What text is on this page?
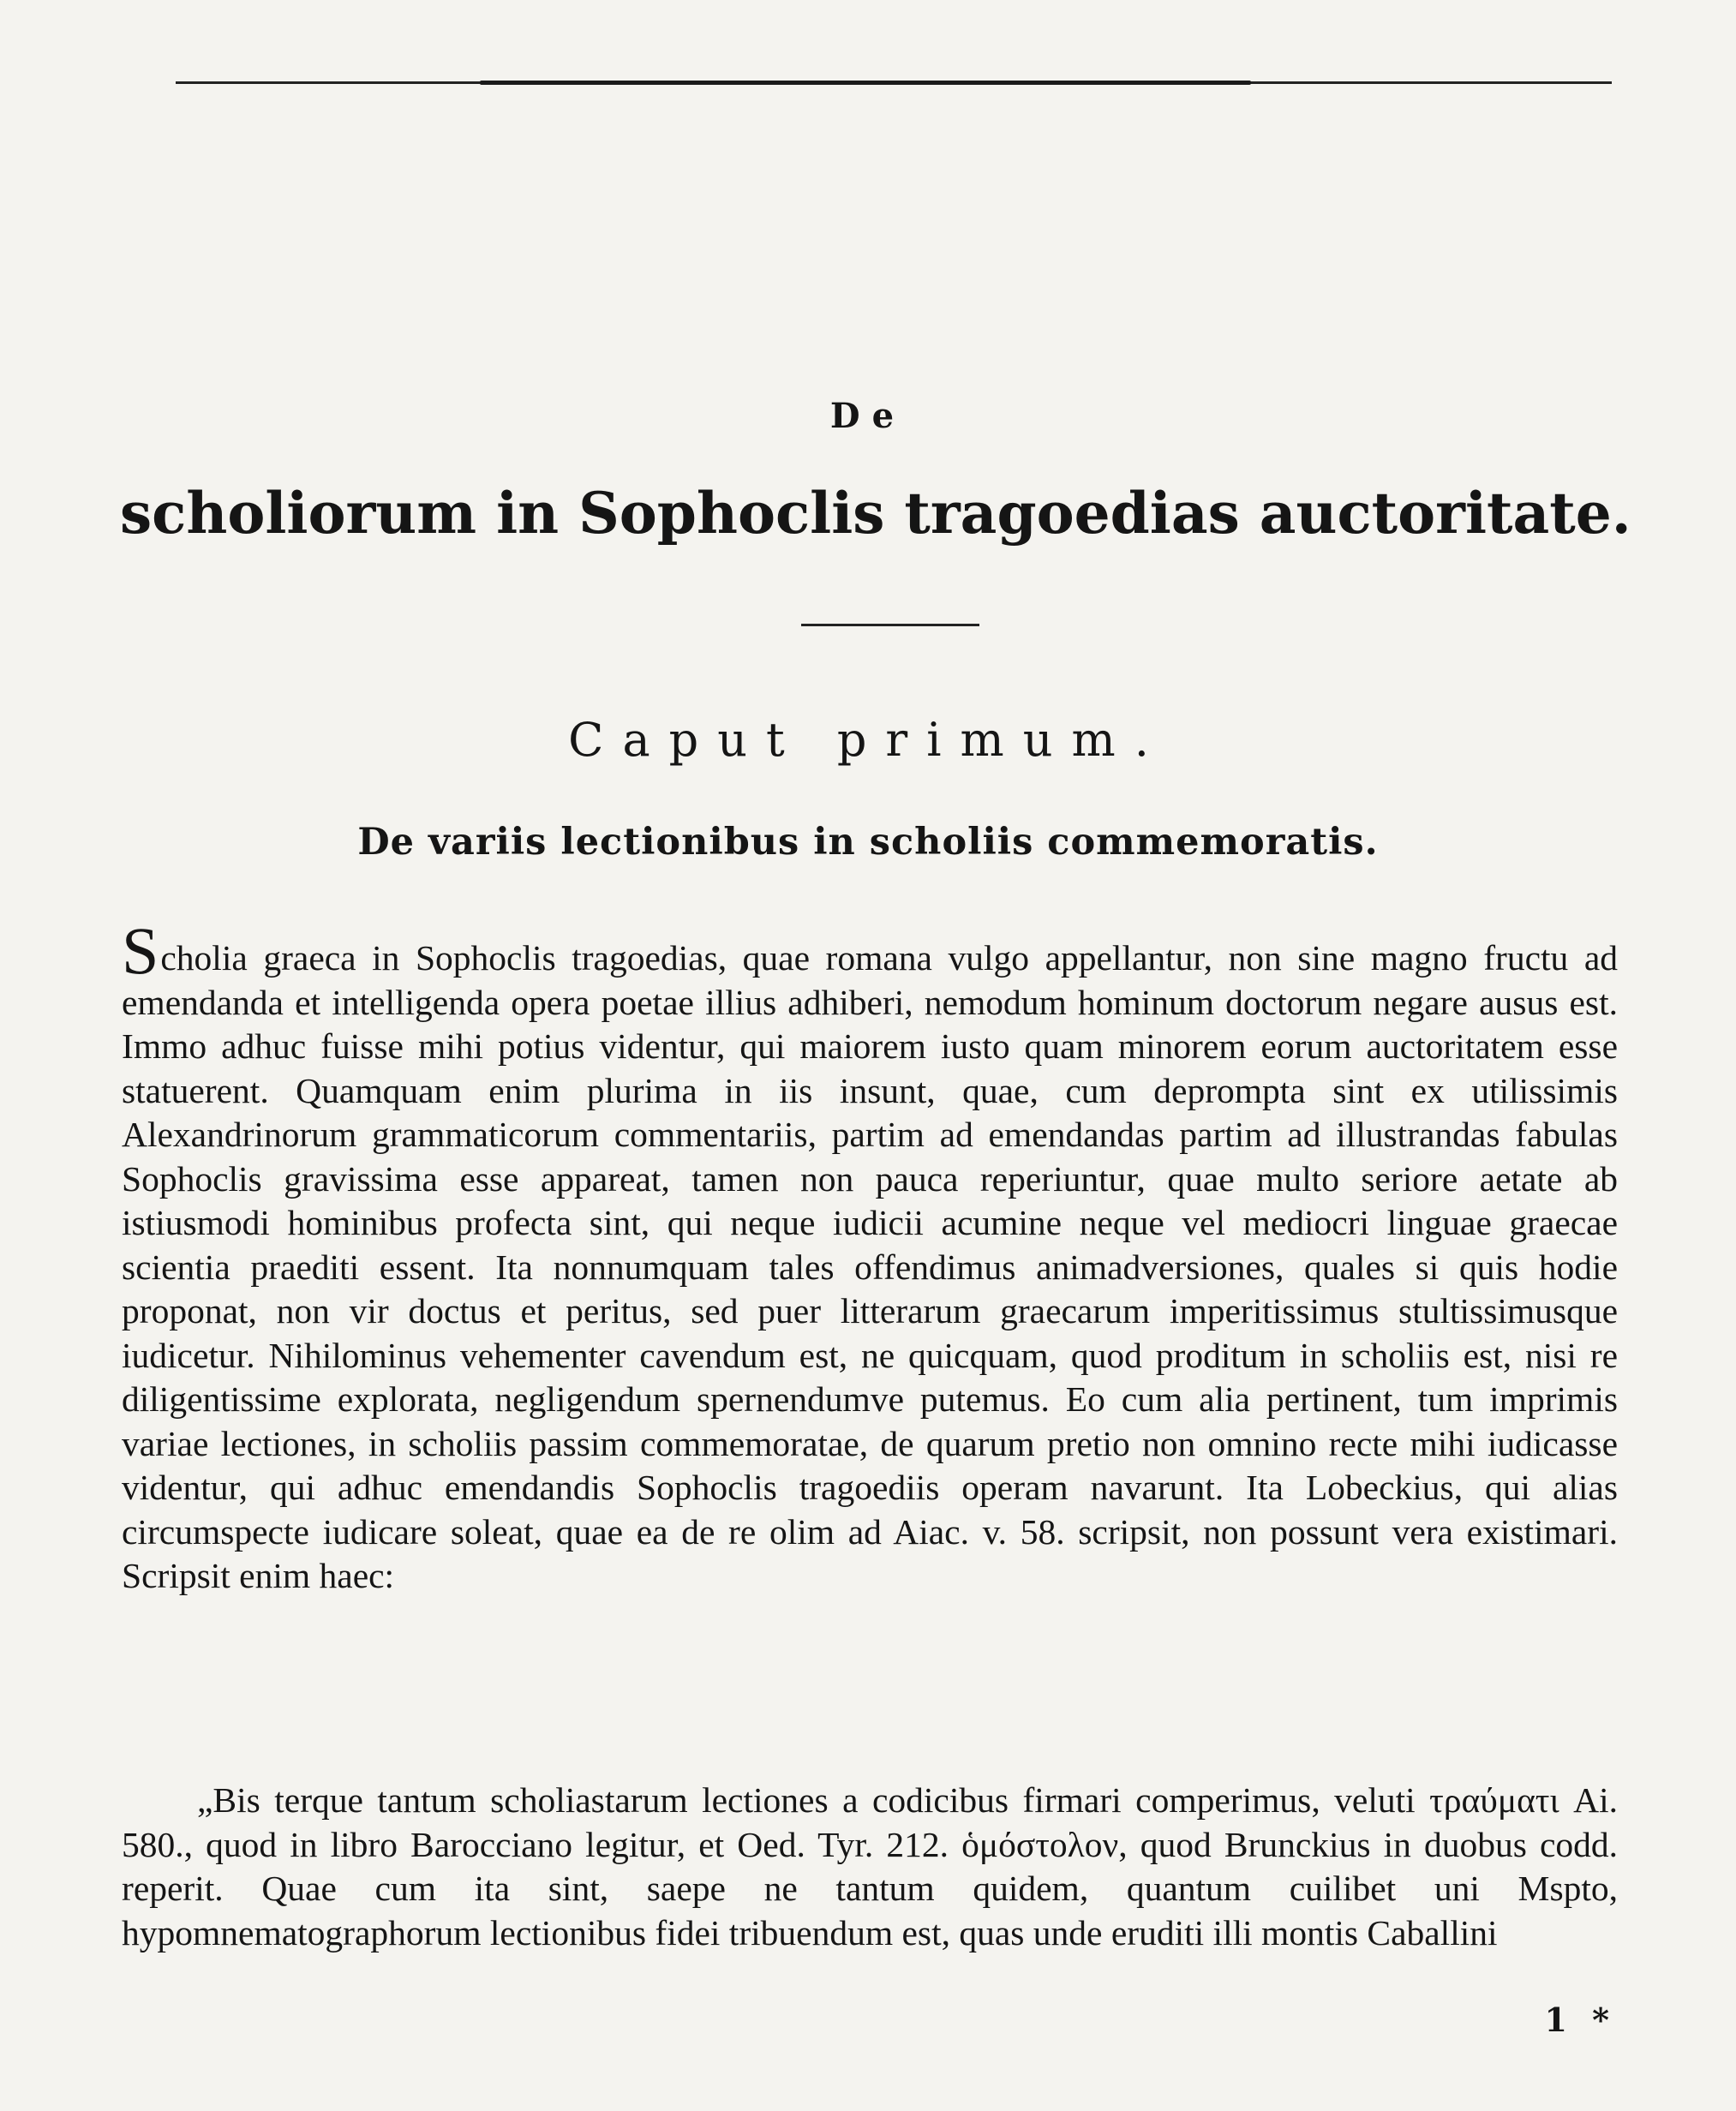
De
scholiorum in Sophoclis tragoedias auctoritate.
Caput primum.
De variis lectionibus in scholiis commemoratis.
Scholia graeca in Sophoclis tragoedias, quae romana vulgo appellantur, non sine magno fructu ad emendanda et intelligenda opera poetae illius adhiberi, nemodum hominum doctorum negare ausus est. Immo adhuc fuisse mihi potius videntur, qui maiorem iusto quam minorem eorum auctoritatem esse statuerent. Quamquam enim plurima in iis insunt, quae, cum deprompta sint ex utilissimis Alexandrinorum grammaticorum commentariis, partim ad emendandas partim ad illustrandas fabulas Sophoclis gravissima esse appareat, tamen non pauca reperiuntur, quae multo seriore aetate ab istiusmodi hominibus profecta sint, qui neque iudicii acumine neque vel mediocri linguae graecae scientia praediti essent. Ita nonnumquam tales offendimus animadversiones, quales si quis hodie proponat, non vir doctus et peritus, sed puer litterarum graecarum imperitissimus stultissimusque iudicetur. Nihilominus vehementer cavendum est, ne quicquam, quod proditum in scholiis est, nisi re diligentissime explorata, negligendum spernendumve putemus. Eo cum alia pertinent, tum imprimis variae lectiones, in scholiis passim commemoratae, de quarum pretio non omnino recte mihi iudicasse videntur, qui adhuc emendandis Sophoclis tragoediis operam navarunt. Ita Lobeckius, qui alias circumspecte iudicare soleat, quae ea de re olim ad Aiac. v. 58. scripsit, non possunt vera existimari. Scripsit enim haec:
„Bis terque tantum scholiastarum lectiones a codicibus firmari comperimus, veluti τραύματι Ai. 580., quod in libro Barocciano legitur, et Oed. Tyr. 212. ὁμόστολον, quod Brunckius in duobus codd. reperit. Quae cum ita sint, saepe ne tantum quidem, quantum cuilibet uni Mspto, hypomnematographorum lectionibus fidei tribuendum est, quas unde eruditi illi montis Caballini
1 *
